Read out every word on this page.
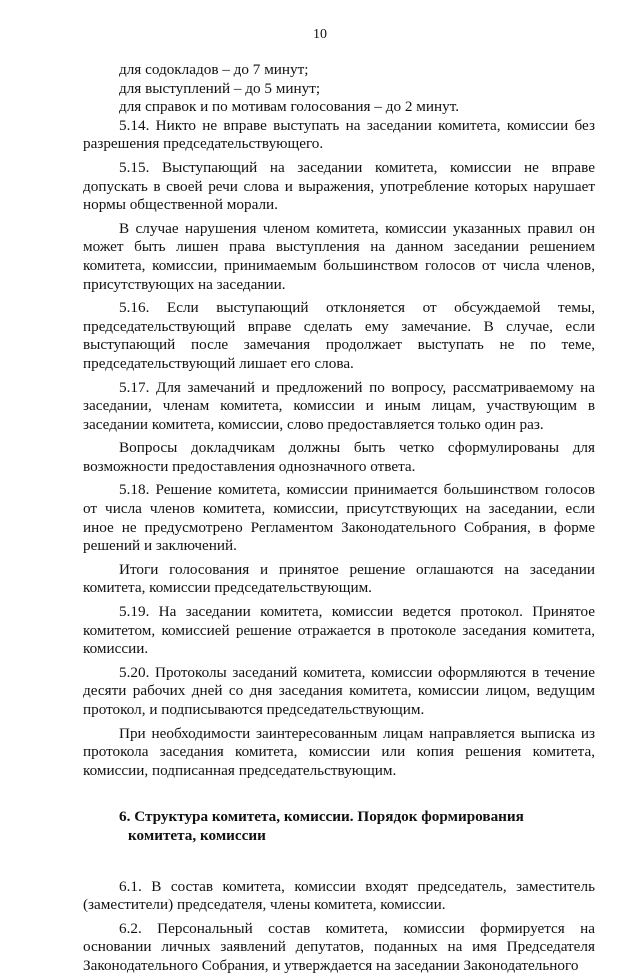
10

для содокладов – до 7 минут;

для выступлений – до 5 минут;

для справок и по мотивам голосования – до 2 минут.

5.14. Никто не вправе выступать на заседании комитета, комиссии без разрешения председательствующего.

5.15. Выступающий на заседании комитета, комиссии не вправе допускать в своей речи слова и выражения, употребление которых нарушает нормы общественной морали.

В случае нарушения членом комитета, комиссии указанных правил он может быть лишен права выступления на данном заседании решением комитета, комиссии, принимаемым большинством голосов от числа членов, присутствующих на заседании.

5.16. Если выступающий отклоняется от обсуждаемой темы, председательствующий вправе сделать ему замечание. В случае, если выступающий после замечания продолжает выступать не по теме, председательствующий лишает его слова.

5.17. Для замечаний и предложений по вопросу, рассматриваемому на заседании, членам комитета, комиссии и иным лицам, участвующим в заседании комитета, комиссии, слово предоставляется только один раз.

Вопросы докладчикам должны быть четко сформулированы для возможности предоставления однозначного ответа.

5.18. Решение комитета, комиссии принимается большинством голосов от числа членов комитета, комиссии, присутствующих на заседании, если иное не предусмотрено Регламентом Законодательного Собрания, в форме решений и заключений.

Итоги голосования и принятое решение оглашаются на заседании комитета, комиссии председательствующим.

5.19. На заседании комитета, комиссии ведется протокол. Принятое комитетом, комиссией решение отражается в протоколе заседания комитета, комиссии.

5.20. Протоколы заседаний комитета, комиссии оформляются в течение десяти рабочих дней со дня заседания комитета, комиссии лицом, ведущим протокол, и подписываются председательствующим.

При необходимости заинтересованным лицам направляется выписка из протокола заседания комитета, комиссии или копия решения комитета, комиссии, подписанная председательствующим.

6. Структура комитета, комиссии. Порядок формирования
комитета, комиссии

6.1. В состав комитета, комиссии входят председатель, заместитель (заместители) председателя, члены комитета, комиссии.

6.2. Персональный состав комитета, комиссии формируется на основании личных заявлений депутатов, поданных на имя Председателя Законодательного Собрания, и утверждается на заседании Законодательного
